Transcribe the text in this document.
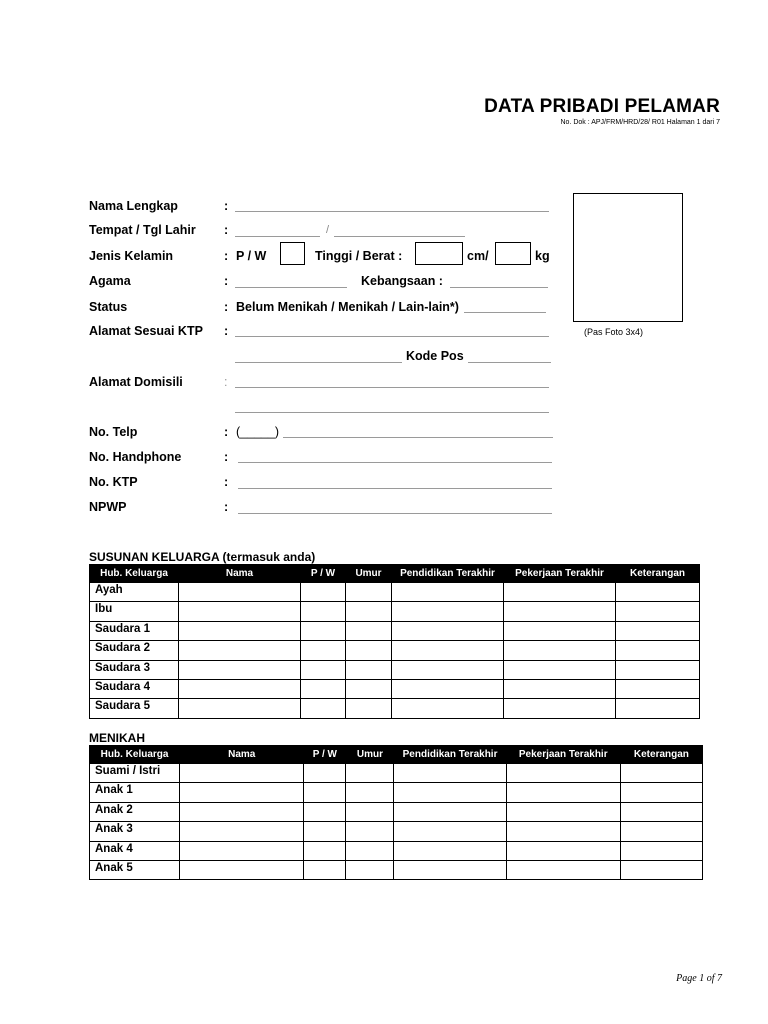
DATA PRIBADI PELAMAR
No. Dok : APJ/FRM/HRD/28/ R01 Halaman 1 dari 7
(Pas Foto 3x4)
Nama Lengkap	:
Tempat / Tgl Lahir :	/
Jenis Kelamin	: P / W	Tinggi / Berat :	cm/	kg
Agama	:	Kebangsaan :
Status	: Belum Menikah / Menikah / Lain-lain*)
Alamat Sesuai KTP :
Kode Pos
Alamat Domisili	:
No. Telp	: (_____)
No. Handphone	:
No. KTP	:
NPWP	:
SUSUNAN KELUARGA (termasuk anda)
Hub. Keluarga	Nama	P / W	Umur	Pendidikan Terakhir	Pekerjaan Terakhir	Keterangan
Ayah						
Ibu						
Saudara 1						
Saudara 2						
Saudara 3						
Saudara 4						
Saudara 5						
MENIKAH
Hub. Keluarga	Nama	P / W	Umur	Pendidikan Terakhir	Pekerjaan Terakhir	Keterangan
Suami / Istri						
Anak 1						
Anak 2						
Anak 3						
Anak 4						
Anak 5						
Page 1 of 7
